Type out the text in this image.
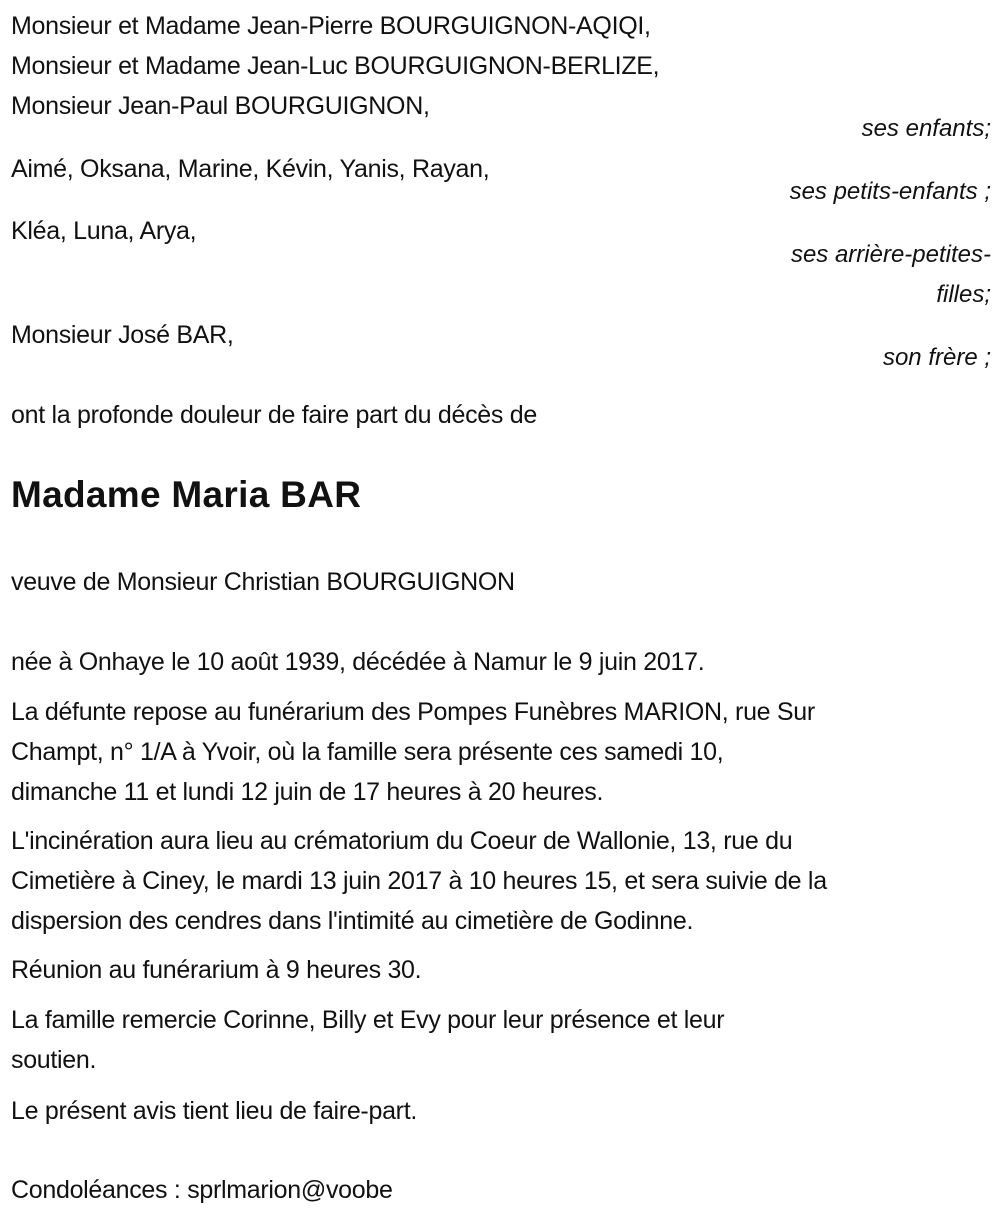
Monsieur et Madame Jean-Pierre BOURGUIGNON-AQIQI,
Monsieur et Madame Jean-Luc BOURGUIGNON-BERLIZE,
Monsieur Jean-Paul BOURGUIGNON,
ses enfants;
Aimé, Oksana, Marine, Kévin, Yanis, Rayan,
ses petits-enfants ;
Kléa, Luna, Arya,
ses arrière-petites-
filles;
Monsieur José BAR,
son frère ;
ont la profonde douleur de faire part du décès de
Madame Maria BAR
veuve de Monsieur Christian BOURGUIGNON
née à Onhaye le 10 août 1939, décédée à Namur le 9 juin 2017.
La défunte repose au funérarium des Pompes Funèbres MARION, rue Sur
Champt, n° 1/A à Yvoir, où la famille sera présente ces samedi 10,
dimanche 11 et lundi 12 juin de 17 heures à 20 heures.
L'incinération aura lieu au crématorium du Coeur de Wallonie, 13, rue du
Cimetière à Ciney, le mardi 13 juin 2017 à 10 heures 15, et sera suivie de la
dispersion des cendres dans l'intimité au cimetière de Godinne.
Réunion au funérarium à 9 heures 30.
La famille remercie Corinne, Billy et Evy pour leur présence et leur
soutien.
Le présent avis tient lieu de faire-part.
Condoléances : sprlmarion@voobe
